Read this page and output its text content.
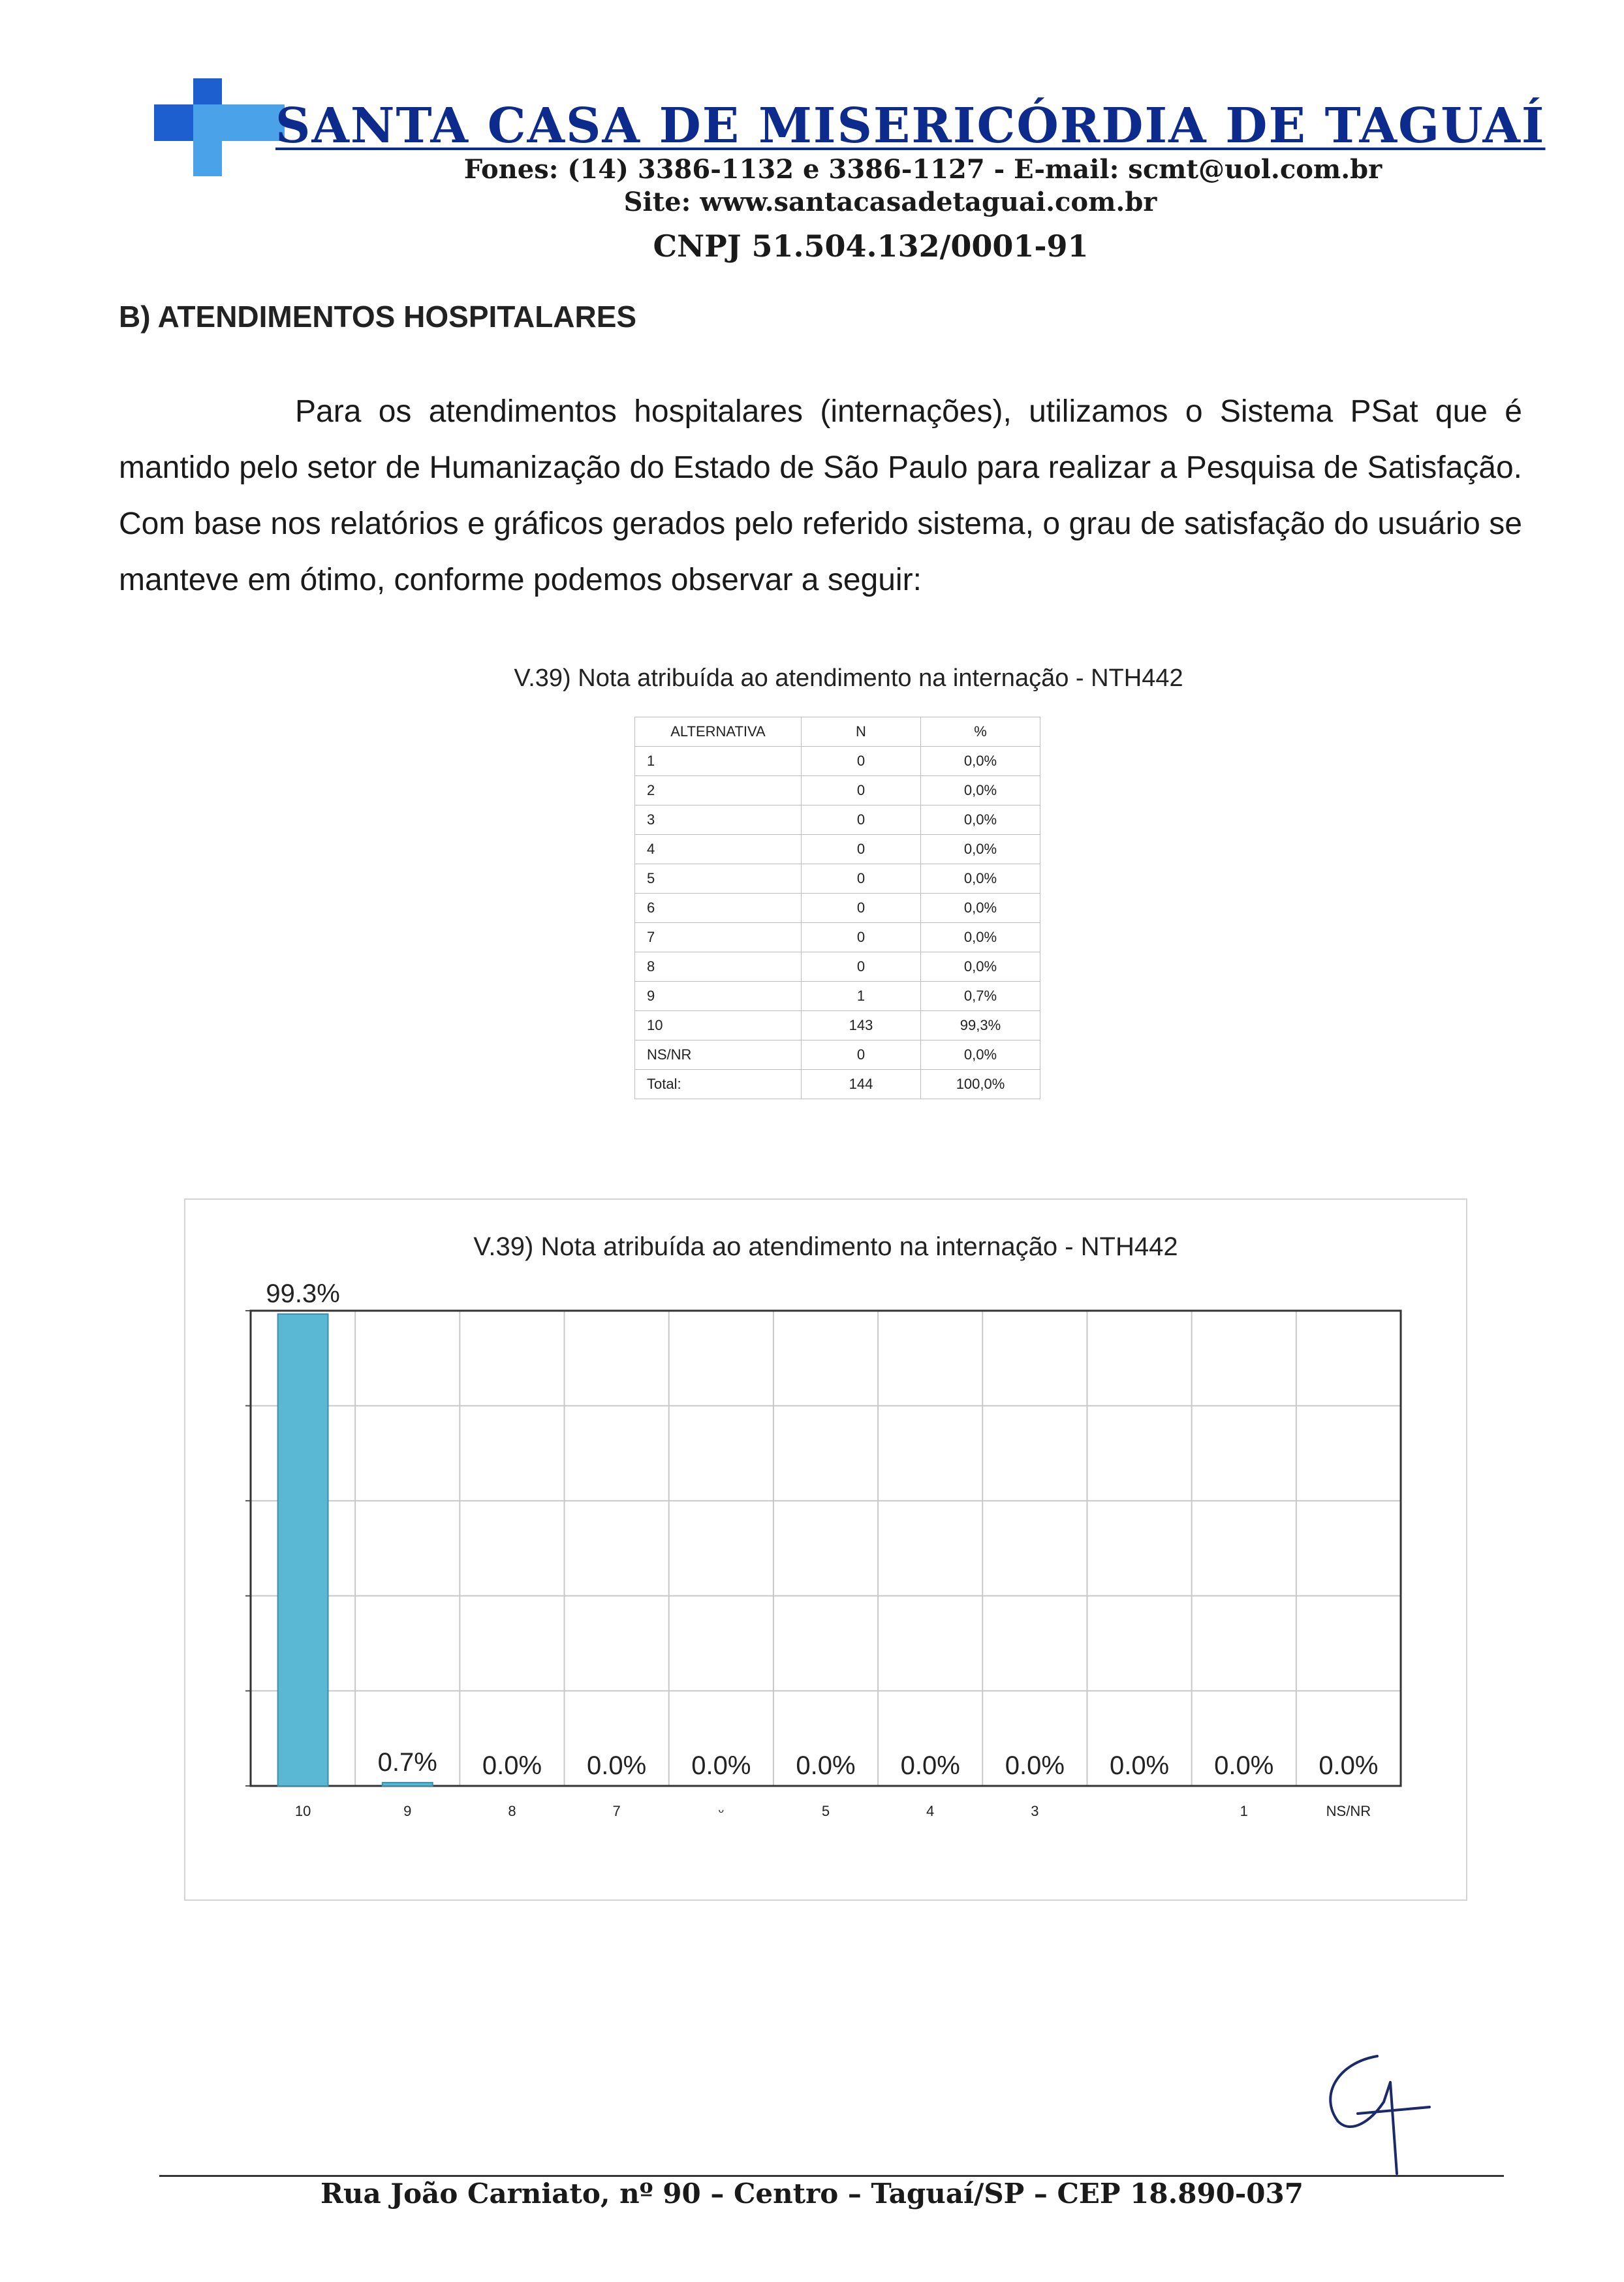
SANTA CASA DE MISERICÓRDIA DE TAGUAÍ
Fones: (14) 3386-1132 e 3386-1127 - E-mail: scmt@uol.com.br
Site: www.santacasadetaguai.com.br
CNPJ 51.504.132/0001-91
B) ATENDIMENTOS HOSPITALARES
Para os atendimentos hospitalares (internações), utilizamos o Sistema PSat que é mantido pelo setor de Humanização do Estado de São Paulo para realizar a Pesquisa de Satisfação. Com base nos relatórios e gráficos gerados pelo referido sistema, o grau de satisfação do usuário se manteve em ótimo, conforme podemos observar a seguir:
V.39) Nota atribuída ao atendimento na internação - NTH442
ALTERNATIVA	N	%
1	0	0,0%
2	0	0,0%
3	0	0,0%
4	0	0,0%
5	0	0,0%
6	0	0,0%
7	0	0,0%
8	0	0,0%
9	1	0,7%
10	143	99,3%
NS/NR	0	0,0%
Total:	144	100,0%
V.39) Nota atribuída ao atendimento na internação - NTH442
99.3%
10
0.7%
9
0.0%
8
0.0%
7
0.0%
ᵕ
0.0%
5
0.0%
4
0.0%
3
0.0% 0.0%
1
0.0%
NS/NR
Rua João Carniato, nº 90 – Centro – Taguaí/SP – CEP 18.890-037
